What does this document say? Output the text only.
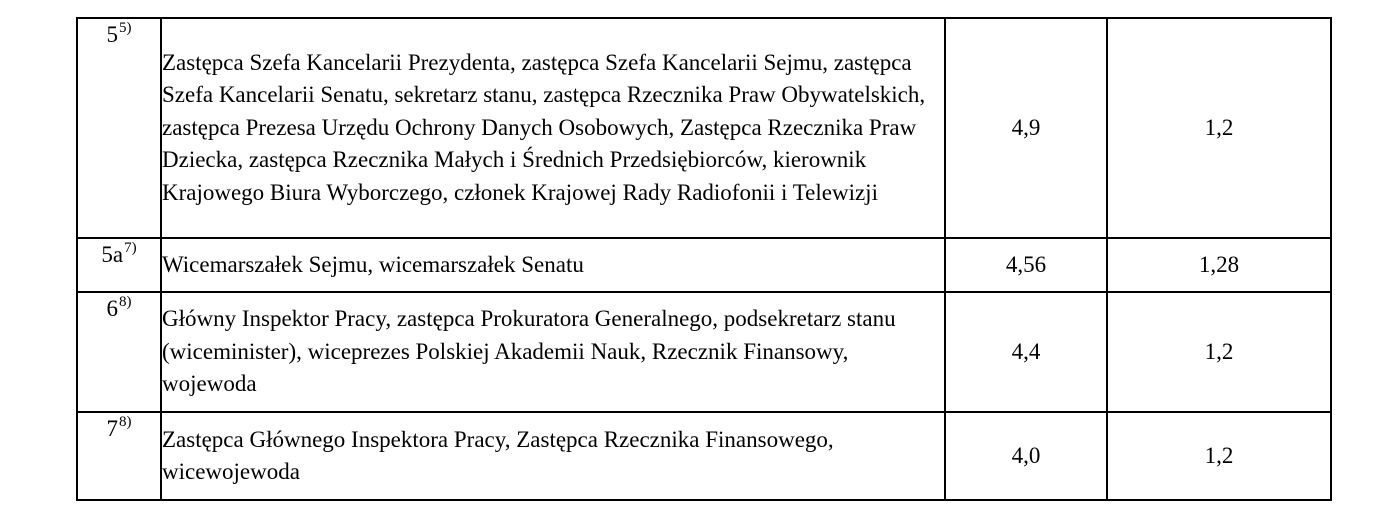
5$^{5)}$	Zastępca Szefa Kancelarii Prezydenta, zastępca Szefa Kancelarii Sejmu, zastępca Szefa Kancelarii Senatu, sekretarz stanu, zastępca Rzecznika Praw Obywatelskich, zastępca Prezesa Urzędu Ochrony Danych Osobowych, Zastępca Rzecznika Praw Dziecka, zastępca Rzecznika Małych i Średnich Przedsiębiorców, kierownik Krajowego Biura Wyborczego, członek Krajowej Rady Radiofonii i Telewizji	4,9	1,2
5a$^{7)}$	Wicemarszałek Sejmu, wicemarszałek Senatu	4,56	1,28
6$^{8)}$	Główny Inspektor Pracy, zastępca Prokuratora Generalnego, podsekretarz stanu (wiceminister), wiceprezes Polskiej Akademii Nauk, Rzecznik Finansowy, wojewoda	4,4	1,2
7$^{8)}$	Zastępca Głównego Inspektora Pracy, Zastępca Rzecznika Finansowego, wicewojewoda	4,0	1,2
